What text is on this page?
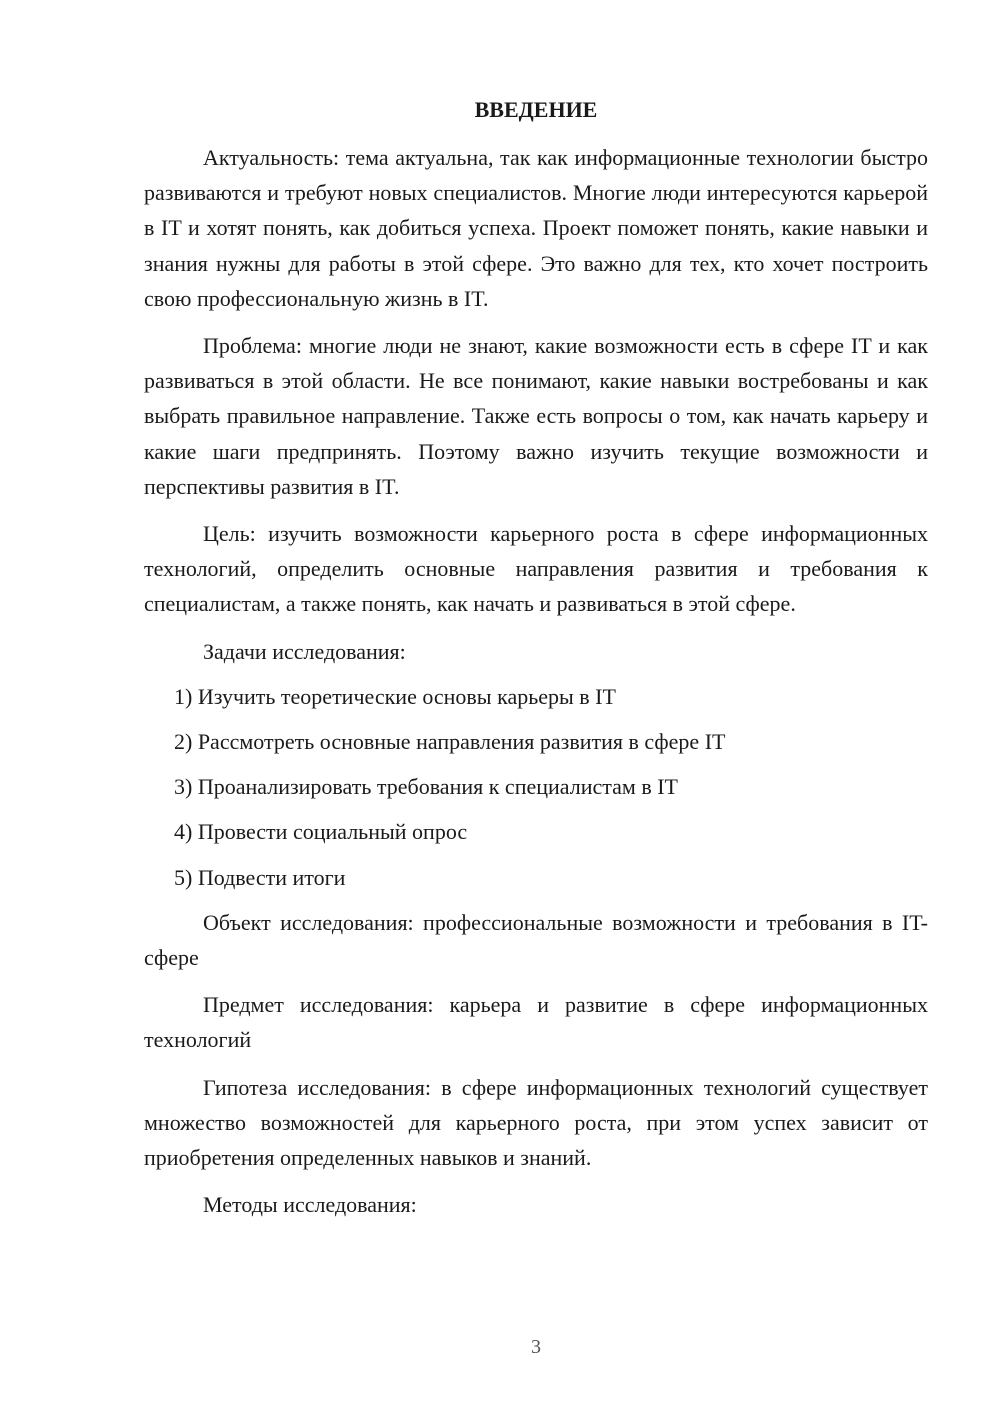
ВВЕДЕНИЕ

Актуальность: тема актуальна, так как информационные технологии быстро развиваются и требуют новых специалистов. Многие люди интересуются карьерой в IT и хотят понять, как добиться успеха. Проект поможет понять, какие навыки и знания нужны для работы в этой сфере. Это важно для тех, кто хочет построить свою профессиональную жизнь в IT.

Проблема: многие люди не знают, какие возможности есть в сфере IT и как развиваться в этой области. Не все понимают, какие навыки востребованы и как выбрать правильное направление. Также есть вопросы о том, как начать карьеру и какие шаги предпринять. Поэтому важно изучить текущие возможности и перспективы развития в IT.

Цель: изучить возможности карьерного роста в сфере информационных технологий, определить основные направления развития и требования к специалистам, а также понять, как начать и развиваться в этой сфере.

Задачи исследования:

1) Изучить теоретические основы карьеры в IT
2) Рассмотреть основные направления развития в сфере IT
3) Проанализировать требования к специалистам в IT
4) Провести социальный опрос
5) Подвести итоги

Объект исследования: профессиональные возможности и требования в IT-сфере

Предмет исследования: карьера и развитие в сфере информационных технологий

Гипотеза исследования: в сфере информационных технологий существует множество возможностей для карьерного роста, при этом успех зависит от приобретения определенных навыков и знаний.

Методы исследования:

3
